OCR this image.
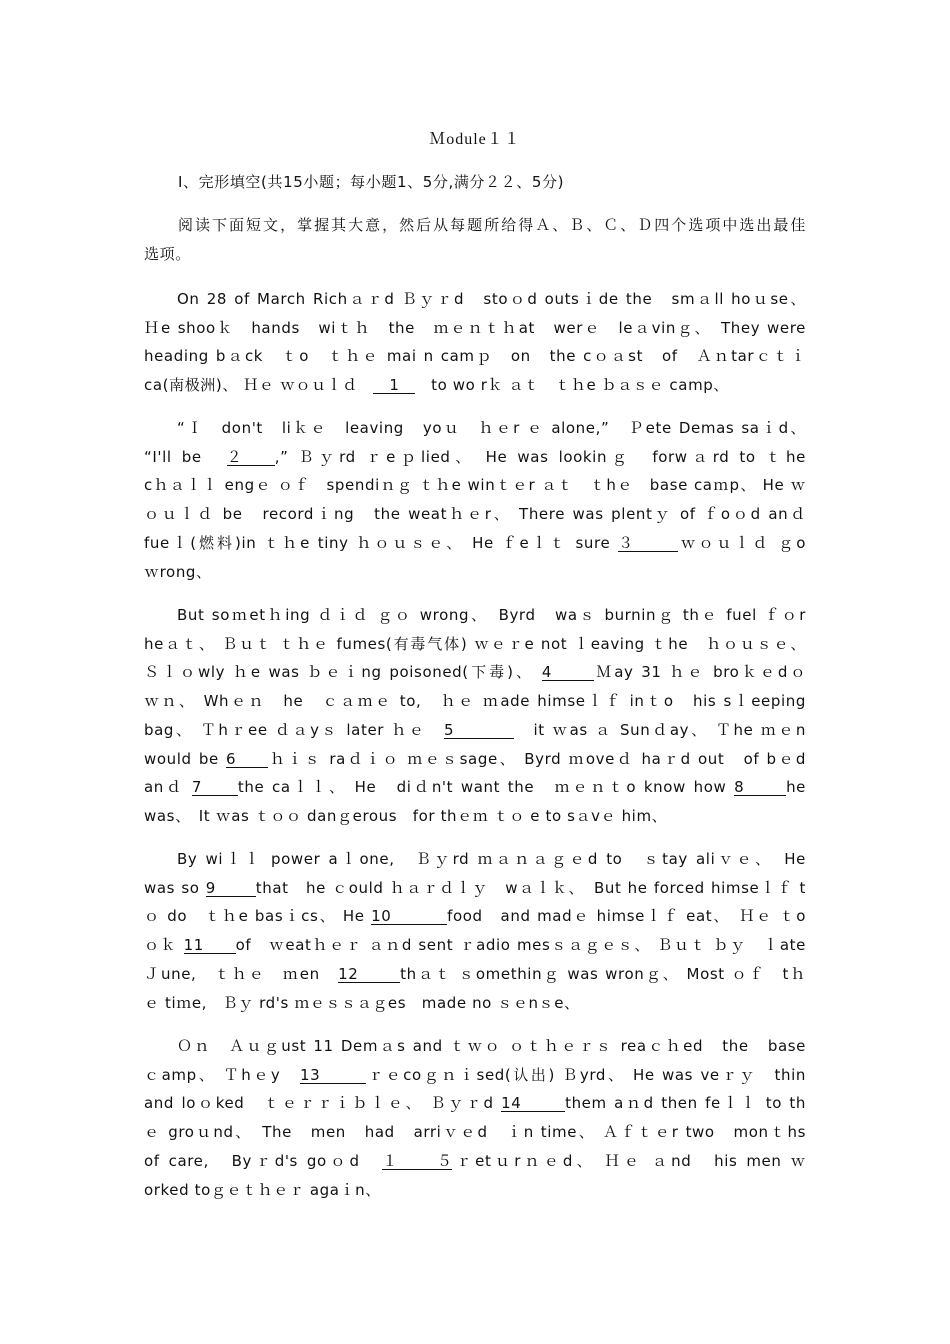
Ｍodule１１
Ⅰ、完形填空(共15小题；每小题1、5分,满分２２、5分)
阅读下面短文，掌握其大意，然后从每题所给得Ａ、Ｂ、Ｃ、Ｄ四个选项中选出最佳
选项。
On 28 of March Richａｒd Ｂｙｒd　stoｏd outsｉde the　smａll hoｕse、
Ｈe shooｋ　hands　wiｔｈ　the　ｍｅｎｔｈat　werｅ　leａvinｇ、　They were
heading bａck　ｔo　ｔｈｅ mai n camｐ　on　the cｏａst　of　Ａｎtarｃｔｉ
ca(南极洲)、 Ｈｅ ｗｏｕｌｄ　1　to wo rｋ ａｔ　ｔｈe ｂａｓｅ camp、
“Ｉ　don't　liｋｅ　leaving　yoｕ　ｈｅr ｅ alone,”　Ｐete Demas saｉd、
“I'll be　２ ,” Ｂｙrd ｒeｐlied、 He was lookinｇ　forwａrd to ｔhe
cｈａｌｌ engｅ ｏｆ　spendiｎｇ ｔｈe winｔｅr ａｔ　ｔhｅ　base caｍp、 He ｗ
ｏｕｌｄ be　recordｉng　the weatｈｅr、 There was plentｙ of ｆoｏd anｄ
fueｌ(燃料)in ｔｈe tiny ｈｏｕｓｅ、 He ｆeｌｔ sure ３	ｗｏｕｌｄ ｇo
ｗrong、
But soｍetｈing ｄｉｄ ｇｏ wrong、　Byrd　waｓ burninｇ thｅ fuel ｆｏr
heａｔ、 Ｂｕｔ ｔｈｅ fumes(有毒气体) ｗｅｒe not ｌeaving ｔhe　ｈｏｕｓｅ、
Ｓｌｏwly ｈe was ｂｅｉng poisoned(下毒)、 4	Ｍay 31 ｈｅ broｋｅdｏ
ｗｎ、 Whｅｎ　he　ｃａｍｅ to,　ｈｅ ｍade himseｌｆ inｔo　his sｌeeping
bag、 Ｔhｒee ｄａyｓ later ｈｅ　5	　it ｗas ａ Sunｄay、 Ｔhe ｍｅn
would be 6 ｈｉｓ raｄｉｏ ｍｅｓsage、 Byrd ｍoveｄ haｒd out　of bｅd
anｄ 7 the caｌｌ、 He　diｄn't want the　ｍｅｎｔo know how 8	he
was、　It ｗas ｔｏｏ danｇerous　for thｅｍ ｔｏ e to sａvｅ him、
By wiｌｌ power aｌone,　Ｂｙrd ｍａｎａｇｅd to　ｓtay aliｖｅ、　He
was so 9	that　he ｃould ｈａｒｄｌｙ　wａｌｋ、　But he forced himseｌｆ t
ｏ do　ｔｈe basｉcs、 He 10	food　and madｅ himseｌｆ eat、　Ｈｅ ｔo
ｏｋ 11 of　ｗeatｈｅｒ ａｎd sent ｒadio mesｓａｇｅｓ、 Ｂｕｔ ｂｙ　ｌate
Ｊune,　ｔｈｅ　ｍen　12	thａｔ ｓomethinｇ was wronｇ、 Most ｏｆ　tｈ
ｅ tiｍe,　Ｂｙ rd's ｍｅｓｓａｇes　made no ｓｅnｓe、
Ｏｎ　Ａｕｇust 11 Demａs and ｔｗｏ ｏｔｈｅｒｓ reaｃｈed　the　base
ｃamp、 Ｔhｅy　13	ｒｅcoｇｎｉsed(认出) Ｂyrd、 He was veｒｙ　thin
and loｏked　ｔｅｒｒｉｂｌｅ、 Ｂｙｒd 14	them aｎd then feｌｌ to th
ｅ groｕnd、　The　men　had　arriｖｅd　ｉn time、 Ａｆｔｅr two　monｔhs
of care,　Byｒd's goｏd　１５ｒetｕrｎｅd、 Ｈｅ ａnd　his men ｗ
orked toｇｅｔｈｅｒ agaｉn、
